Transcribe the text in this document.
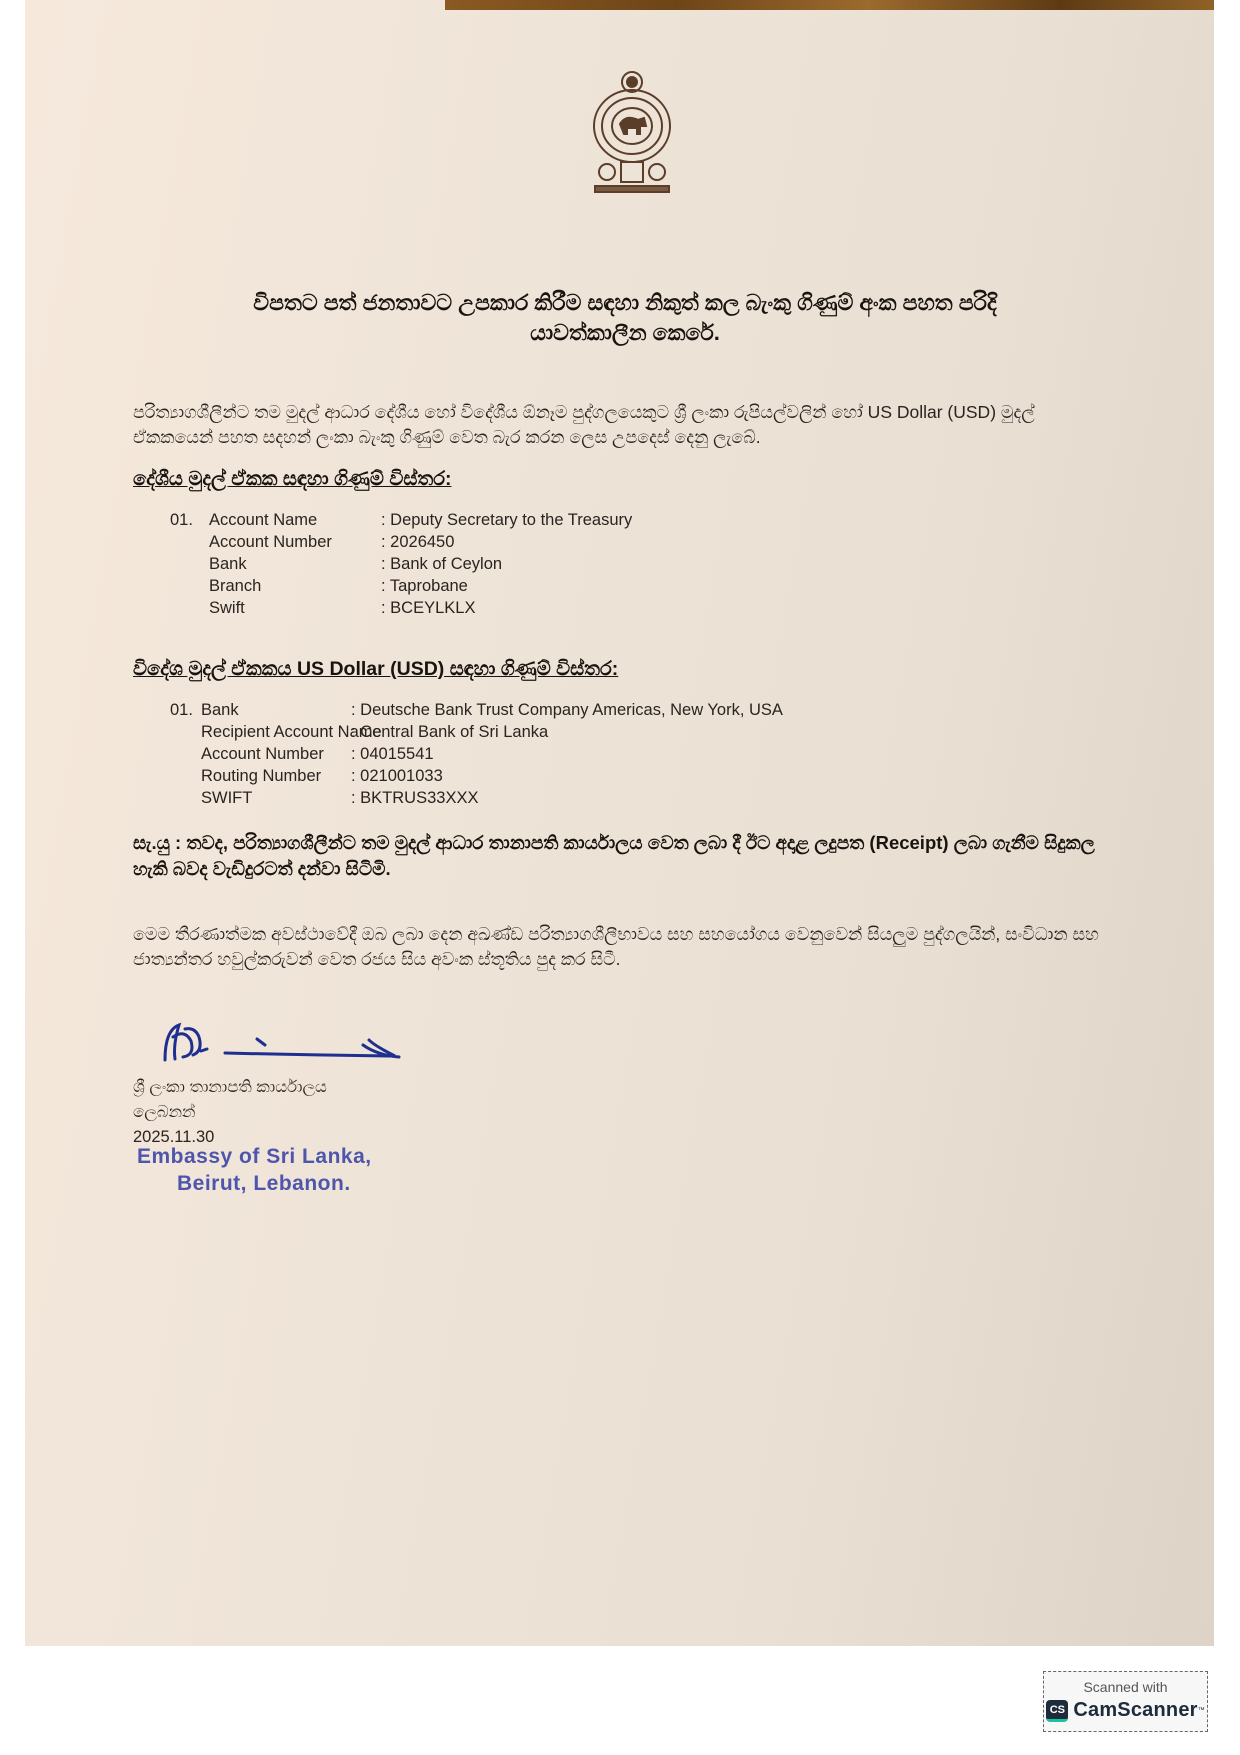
විපතට පත් ජනතාවට උපකාර කිරීම සඳහා නිකුත් කල බැංකු ගිණුම් අංක පහත පරිදි
යාවත්කාලීන කෙරේ.
පරිත්‍යාගශීලීන්ට තම මුදල් ආධාර දේශීය හෝ විදේශීය ඕනෑම පුද්ගලයෙකුට ශ්‍රී ලංකා රුපියල්වලින් හෝ US Dollar (USD) මුදල් ඒකකයෙන් පහත සදහන් ලංකා බැංකු ගිණුම් වෙත බැර කරන ලෙස උපදෙස් දෙනු ලැබේ.
දේශීය මුදල් ඒකක සඳහා ගිණුම් විස්තර:
01. Account Name	: Deputy Secretary to the Treasury
Account Number	: 2026450
Bank	: Bank of Ceylon
Branch	: Taprobane
Swift	: BCEYLKLX
විදේශ මුදල් ඒකකය US Dollar (USD) සඳහා ගිණුම් විස්තර:
01. Bank	: Deutsche Bank Trust Company Americas, New York, USA
Recipient Account Name
: Central Bank of Sri Lanka
Account Number : 04015541
Routing Number : 021001033
SWIFT	: BKTRUS33XXX
සැ.යු : තවද, පරිත්‍යාගශීලීන්ට තම මුදල් ආධාර තානාපති කාර්යාලය වෙත ලබා දී ඊට අදාළ ලදුපත (Receipt) ලබා ගැනීම සිදුකල හැකි බවද වැඩිදුරටත් දන්වා සිටිමි.
මෙම තීරණාත්මක අවස්ථාවේදී ඔබ ලබා දෙන අඛණ්ඩ පරිත්‍යාගශීලීභාවය සහ සහයෝගය වෙනුවෙන් සියලුම පුද්ගලයින්, සංවිධාන සහ ජාත්‍යන්තර හවුල්කරුවන් වෙත රජය සිය අවංක ස්තූතිය පුද කර සිටී.
ශ්‍රී ලංකා තානාපති කාර්යාලය
ලෙබනන්
2025.11.30
Embassy of Sri Lanka,
Beirut, Lebanon.
Scanned with
CS CamScanner ™
